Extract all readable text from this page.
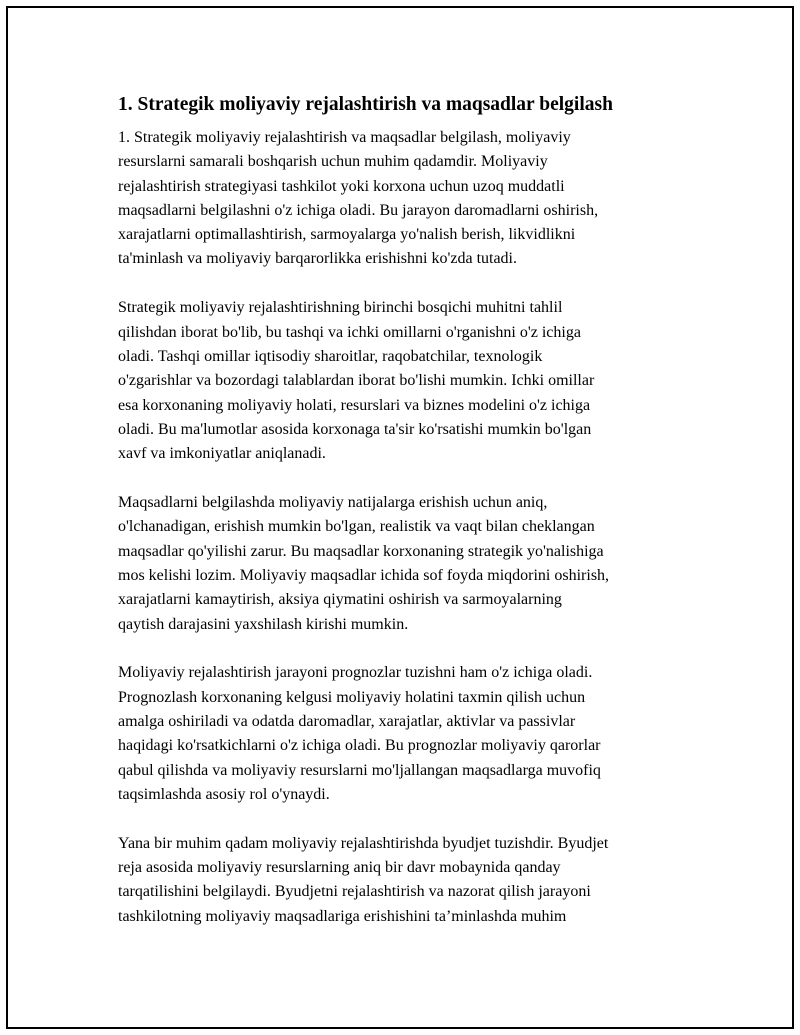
1. Strategik moliyaviy rejalashtirish va maqsadlar belgilash

1. Strategik moliyaviy rejalashtirish va maqsadlar belgilash, moliyaviy
resurslarni samarali boshqarish uchun muhim qadamdir. Moliyaviy
rejalashtirish strategiyasi tashkilot yoki korxona uchun uzoq muddatli
maqsadlarni belgilashni o'z ichiga oladi. Bu jarayon daromadlarni oshirish,
xarajatlarni optimallashtirish, sarmoyalarga yo'nalish berish, likvidlikni
ta'minlash va moliyaviy barqarorlikka erishishni ko'zda tutadi.

Strategik moliyaviy rejalashtirishning birinchi bosqichi muhitni tahlil
qilishdan iborat bo'lib, bu tashqi va ichki omillarni o'rganishni o'z ichiga
oladi. Tashqi omillar iqtisodiy sharoitlar, raqobatchilar, texnologik
o'zgarishlar va bozordagi talablardan iborat bo'lishi mumkin. Ichki omillar
esa korxonaning moliyaviy holati, resurslari va biznes modelini o'z ichiga
oladi. Bu ma'lumotlar asosida korxonaga ta'sir ko'rsatishi mumkin bo'lgan
xavf va imkoniyatlar aniqlanadi.

Maqsadlarni belgilashda moliyaviy natijalarga erishish uchun aniq,
o'lchanadigan, erishish mumkin bo'lgan, realistik va vaqt bilan cheklangan
maqsadlar qo'yilishi zarur. Bu maqsadlar korxonaning strategik yo'nalishiga
mos kelishi lozim. Moliyaviy maqsadlar ichida sof foyda miqdorini oshirish,
xarajatlarni kamaytirish, aksiya qiymatini oshirish va sarmoyalarning
qaytish darajasini yaxshilash kirishi mumkin.

Moliyaviy rejalashtirish jarayoni prognozlar tuzishni ham o'z ichiga oladi.
Prognozlash korxonaning kelgusi moliyaviy holatini taxmin qilish uchun
amalga oshiriladi va odatda daromadlar, xarajatlar, aktivlar va passivlar
haqidagi ko'rsatkichlarni o'z ichiga oladi. Bu prognozlar moliyaviy qarorlar
qabul qilishda va moliyaviy resurslarni mo'ljallangan maqsadlarga muvofiq
taqsimlashda asosiy rol o'ynaydi.

Yana bir muhim qadam moliyaviy rejalashtirishda byudjet tuzishdir. Byudjet
reja asosida moliyaviy resurslarning aniq bir davr mobaynida qanday
tarqatilishini belgilaydi. Byudjetni rejalashtirish va nazorat qilish jarayoni
tashkilotning moliyaviy maqsadlariga erishishini ta’minlashda muhim
